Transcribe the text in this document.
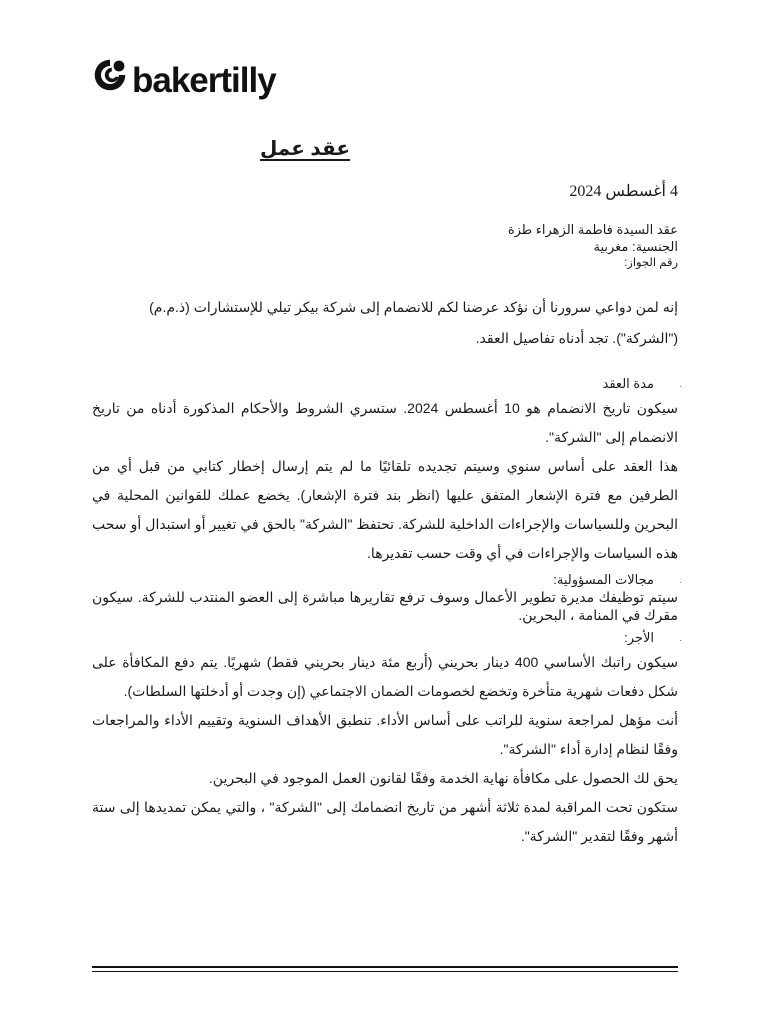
bakertilly
عقد عمل
4 أغسطس 2024
عقد السيدة فاطمة الزهراء طزة
الجنسية: مغربية
رقم الجواز:
إنه لمن دواعي سرورنا أن نؤكد عرضنا لكم للانضمام إلى شركة بيكر تيلي للإستشارات (ذ.م.م) ("الشركة"). تجد أدناه تفاصيل العقد.
.
مدة العقد
سيكون تاريخ الانضمام هو 10 أغسطس 2024. ستسري الشروط والأحكام المذكورة أدناه من تاريخ الانضمام إلى "الشركة".
هذا العقد على أساس سنوي وسيتم تجديده تلقائيًا ما لم يتم إرسال إخطار كتابي من قبل أي من الطرفين مع فترة الإشعار المتفق عليها (انظر بند فترة الإشعار). يخضع عملك للقوانين المحلية في البحرين وللسياسات والإجراءات الداخلية للشركة. تحتفظ "الشركة" بالحق في تغيير أو استبدال أو سحب هذه السياسات والإجراءات في أي وقت حسب تقديرها.
.
مجالات المسؤولية:
سيتم توظيفك مديرة تطوير الأعمال وسوف ترفع تقاريرها مباشرة إلى العضو المنتدب للشركة. سيكون مقرك في المنامة ، البحرين.
.
الأجر:
سيكون راتبك الأساسي 400 دينار بحريني (أربع مئة دينار بحريني فقط) شهريًا. يتم دفع المكافأة على شكل دفعات شهرية متأخرة وتخضع لخصومات الضمان الاجتماعي (إن وجدت أو أدخلتها السلطات).
أنت مؤهل لمراجعة سنوية للراتب على أساس الأداء. تنطبق الأهداف السنوية وتقييم الأداء والمراجعات وفقًا لنظام إدارة أداء "الشركة".
يحق لك الحصول على مكافأة نهاية الخدمة وفقًا لقانون العمل الموجود في البحرين.
ستكون تحت المراقبة لمدة ثلاثة أشهر من تاريخ انضمامك إلى "الشركة" ، والتي يمكن تمديدها إلى ستة أشهر وفقًا لتقدير "الشركة".
